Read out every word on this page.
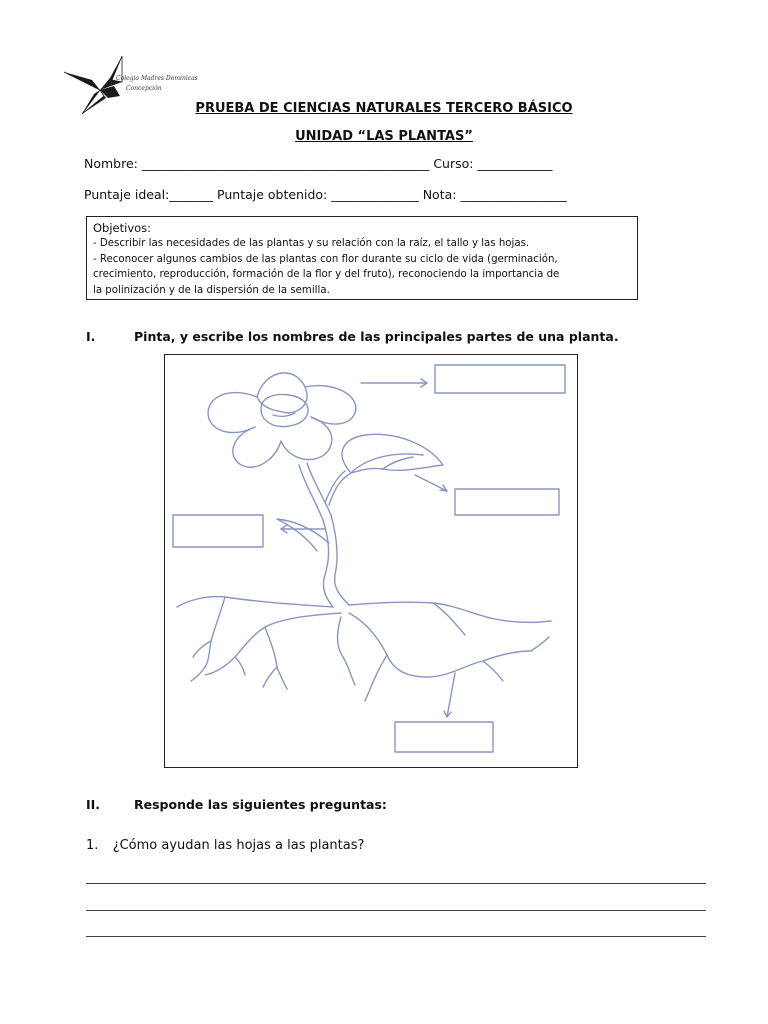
Colegio Madres Dominicas
Concepción
PRUEBA DE CIENCIAS NATURALES TERCERO BÁSICO
UNIDAD “LAS PLANTAS”
Nombre: ______________________________________________ Curso: ____________
Puntaje ideal:_______ Puntaje obtenido: ______________ Nota: _________________
Objetivos:
- Describir las necesidades de las plantas y su relación con la raíz, el tallo y las hojas.
- Reconocer algunos cambios de las plantas con flor durante su ciclo de vida (germinación,
crecimiento, reproducción, formación de la flor y del fruto), reconociendo la importancia de
la polinización y de la dispersión de la semilla.
I.	Pinta, y escribe los nombres de las principales partes de una planta.
II.	Responde las siguientes preguntas:
1. ¿Cómo ayudan las hojas a las plantas?
